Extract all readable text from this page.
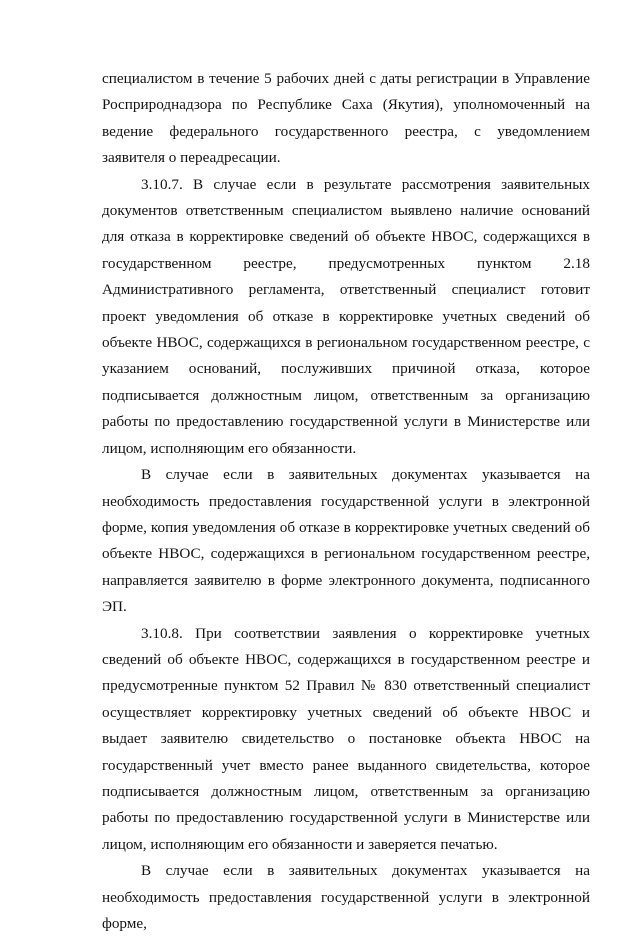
специалистом в течение 5 рабочих дней с даты регистрации в Управление Росприроднадзора по Республике Саха (Якутия), уполномоченный на ведение федерального государственного реестра, с уведомлением заявителя о переадресации.

3.10.7. В случае если в результате рассмотрения заявительных документов ответственным специалистом выявлено наличие оснований для отказа в корректировке сведений об объекте НВОС, содержащихся в государственном реестре, предусмотренных пунктом 2.18 Административного регламента, ответственный специалист готовит проект уведомления об отказе в корректировке учетных сведений об объекте НВОС, содержащихся в региональном государственном реестре, с указанием оснований, послуживших причиной отказа, которое подписывается должностным лицом, ответственным за организацию работы по предоставлению государственной услуги в Министерстве или лицом, исполняющим его обязанности.

В случае если в заявительных документах указывается на необходимость предоставления государственной услуги в электронной форме, копия уведомления об отказе в корректировке учетных сведений об объекте НВОС, содержащихся в региональном государственном реестре, направляется заявителю в форме электронного документа, подписанного ЭП.

3.10.8. При соответствии заявления о корректировке учетных сведений об объекте НВОС, содержащихся в государственном реестре и предусмотренные пунктом 52 Правил № 830 ответственный специалист осуществляет корректировку учетных сведений об объекте НВОС и выдает заявителю свидетельство о постановке объекта НВОС на государственный учет вместо ранее выданного свидетельства, которое подписывается должностным лицом, ответственным за организацию работы по предоставлению государственной услуги в Министерстве или лицом, исполняющим его обязанности и заверяется печатью.

В случае если в заявительных документах указывается на необходимость предоставления государственной услуги в электронной форме,
